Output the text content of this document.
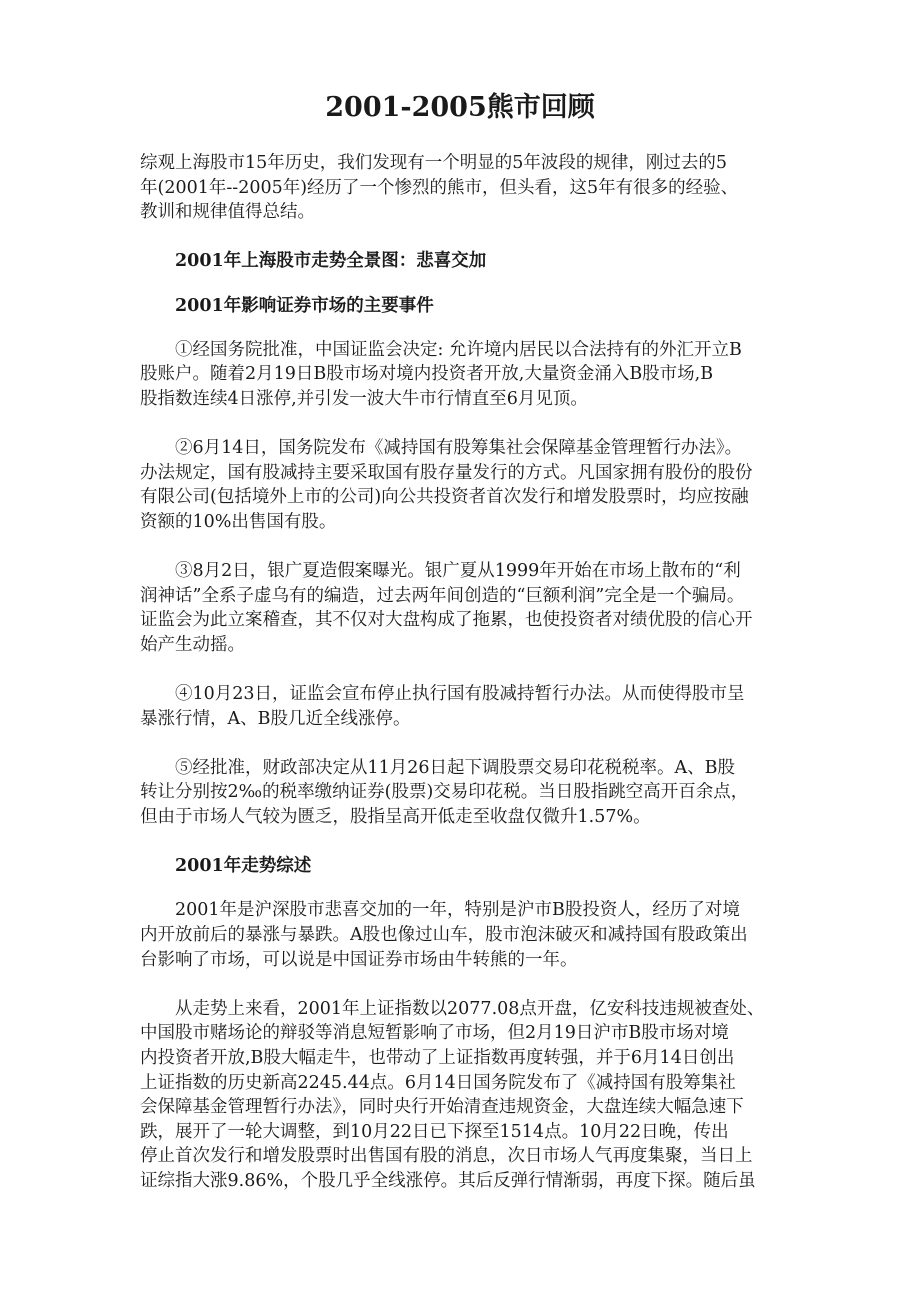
2001-2005熊市回顾
综观上海股市15年历史，我们发现有一个明显的5年波段的规律，刚过去的5
年(2001年--2005年)经历了一个惨烈的熊市，但头看，这5年有很多的经验、
教训和规律值得总结。
2001年上海股市走势全景图：悲喜交加
2001年影响证券市场的主要事件
①经国务院批准，中国证监会决定: 允许境内居民以合法持有的外汇开立B
股账户。随着2月19日B股市场对境内投资者开放,大量资金涌入B股市场,B
股指数连续4日涨停,并引发一波大牛市行情直至6月见顶。
②6月14日，国务院发布《减持国有股筹集社会保障基金管理暂行办法》。
办法规定，国有股减持主要采取国有股存量发行的方式。凡国家拥有股份的股份
有限公司(包括境外上市的公司)向公共投资者首次发行和增发股票时，均应按融
资额的10%出售国有股。
③8月2日，银广夏造假案曝光。银广夏从1999年开始在市场上散布的“利
润神话”全系子虚乌有的编造，过去两年间创造的“巨额利润”完全是一个骗局。
证监会为此立案稽查，其不仅对大盘构成了拖累，也使投资者对绩优股的信心开
始产生动摇。
④10月23日，证监会宣布停止执行国有股减持暂行办法。从而使得股市呈
暴涨行情，A、B股几近全线涨停。
⑤经批准，财政部决定从11月26日起下调股票交易印花税税率。A、B股
转让分别按2‰的税率缴纳证券(股票)交易印花税。当日股指跳空高开百余点，
但由于市场人气较为匮乏，股指呈高开低走至收盘仅微升1.57%。
2001年走势综述
2001年是沪深股市悲喜交加的一年，特别是沪市B股投资人，经历了对境
内开放前后的暴涨与暴跌。A股也像过山车，股市泡沫破灭和减持国有股政策出
台影响了市场，可以说是中国证券市场由牛转熊的一年。
从走势上来看，2001年上证指数以2077.08点开盘，亿安科技违规被查处、
中国股市赌场论的辩驳等消息短暂影响了市场，但2月19日沪市B股市场对境
内投资者开放,B股大幅走牛，也带动了上证指数再度转强，并于6月14日创出
上证指数的历史新高2245.44点。6月14日国务院发布了《减持国有股筹集社
会保障基金管理暂行办法》，同时央行开始清查违规资金，大盘连续大幅急速下
跌，展开了一轮大调整，到10月22日已下探至1514点。10月22日晚，传出
停止首次发行和增发股票时出售国有股的消息，次日市场人气再度集聚，当日上
证综指大涨9.86%，个股几乎全线涨停。其后反弹行情渐弱，再度下探。随后虽
